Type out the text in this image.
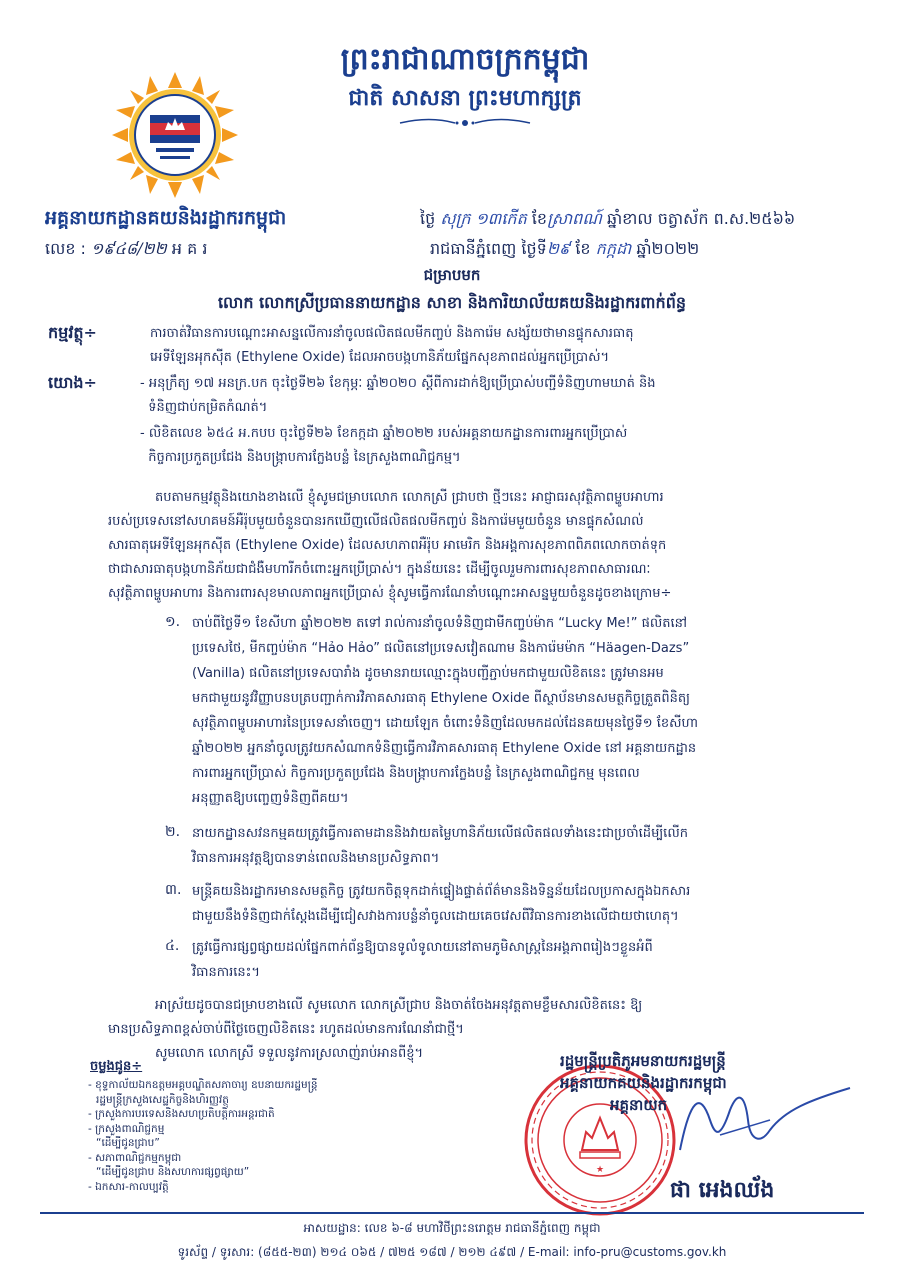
ព្រះរាជាណាចក្រកម្ពុជា
ជាតិ សាសនា ព្រះមហាក្សត្រ
អគ្គនាយកដ្ឋានគយនិងរដ្ឋាករកម្ពុជា
លេខ : ១៩៤៨/២២ អ គ រ
ថ្ងៃ សុក្រ ១៣កើត ខែស្រាពណ៍ ឆ្នាំខាល ចត្វាស័ក ព.ស.២៥៦៦
រាជធានីភ្នំពេញ ថ្ងៃទី២៩ ខែ កក្កដា ឆ្នាំ២០២២
ជម្រាបមក
លោក លោកស្រីប្រធាននាយកដ្ឋាន សាខា និងការិយាល័យគយនិងរដ្ឋាករពាក់ព័ន្ធ
កម្មវត្ថុ÷	ការចាត់វិធានការបណ្តោះអាសន្នលើការនាំចូលផលិតផលមីកញ្ចប់ និងការ៉េម សង្ស័យថាមានផ្ទុកសារធាតុ
អេទីឡែនអុកស៊ីត (Ethylene Oxide) ដែលអាចបង្កហានិភ័យផ្នែកសុខភាពដល់អ្នកប្រើប្រាស់។
យោង÷	- អនុក្រឹត្យ ១៧ អនក្រ.បក ចុះថ្ងៃទី២៦ ខែកុម្ភៈ ឆ្នាំ២០២០ ស្តីពីការដាក់ឱ្យប្រើប្រាស់បញ្ជីទំនិញហាមឃាត់ និង
ទំនិញជាប់កម្រិតកំណត់។
- លិខិតលេខ ៦៥៤ អ.កបប ចុះថ្ងៃទី២៦ ខែកក្កដា ឆ្នាំ២០២២ របស់អគ្គនាយកដ្ឋានការពារអ្នកប្រើប្រាស់
កិច្ចការប្រកួតប្រជែង និងបង្ក្រាបការក្លែងបន្លំ នៃក្រសួងពាណិជ្ជកម្ម។
តបតាមកម្មវត្ថុនិងយោងខាងលើ ខ្ញុំសូមជម្រាបលោក លោកស្រី ជ្រាបថា ថ្មីៗនេះ អាជ្ញាធរសុវត្ថិភាពម្ហូបអាហារ
របស់ប្រទេសនៅសហគមន៍អឺរ៉ុបមួយចំនួនបានរកឃើញលើផលិតផលមីកញ្ចប់ និងការ៉េមមួយចំនួន មានផ្ទុកសំណល់
សារធាតុអេទីឡែនអុកស៊ីត (Ethylene Oxide) ដែលសហភាពអឺរ៉ុប អាមេរិក និងអង្គការសុខភាពពិភពលោកចាត់ទុក
ថាជាសារធាតុបង្កហានិភ័យជាជំងឺមហារីកចំពោះអ្នកប្រើប្រាស់។ ក្នុងន័យនេះ ដើម្បីចូលរួមការពារសុខភាពសាធារណៈ
សុវត្ថិភាពម្ហូបអាហារ និងការពារសុខមាលភាពអ្នកប្រើប្រាស់ ខ្ញុំសូមធ្វើការណែនាំបណ្តោះអាសន្នមួយចំនួនដូចខាងក្រោម÷
១. ចាប់ពីថ្ងៃទី១ ខែសីហា ឆ្នាំ២០២២ តទៅ រាល់ការនាំចូលទំនិញជាមីកញ្ចប់ម៉ាក “Lucky Me!” ផលិតនៅ
ប្រទេសថៃ, មីកញ្ចប់ម៉ាក “Hảo Hảo” ផលិតនៅប្រទេសវៀតណាម និងការ៉េមម៉ាក “Häagen-Dazs”
(Vanilla) ផលិតនៅប្រទេសបារាំង ដូចមានរាយឈ្មោះក្នុងបញ្ជីភ្ជាប់មកជាមួយលិខិតនេះ ត្រូវមានអម
មកជាមួយនូវវិញ្ញាបនបត្របញ្ជាក់ការវិភាគសារធាតុ Ethylene Oxide ពីស្ថាប័នមានសមត្ថកិច្ចត្រួតពិនិត្យ
សុវត្ថិភាពម្ហូបអាហារនៃប្រទេសនាំចេញ។ ដោយឡែក ចំពោះទំនិញដែលមកដល់ដែនគយមុនថ្ងៃទី១ ខែសីហា
ឆ្នាំ២០២២ អ្នកនាំចូលត្រូវយកសំណាកទំនិញធ្វើការវិភាគសារធាតុ Ethylene Oxide នៅ អគ្គនាយកដ្ឋាន
ការពារអ្នកប្រើប្រាស់ កិច្ចការប្រកួតប្រជែង និងបង្ក្រាបការក្លែងបន្លំ នៃក្រសួងពាណិជ្ជកម្ម មុនពេល
អនុញ្ញាតឱ្យបញ្ចេញទំនិញពីគយ។
២. នាយកដ្ឋានសវនកម្មគយត្រូវធ្វើការតាមដាននិងវាយតម្លៃហានិភ័យលើផលិតផលទាំងនេះជាប្រចាំដើម្បីលើក
វិធានការអនុវត្តឱ្យបានទាន់ពេលនិងមានប្រសិទ្ធភាព។
៣. មន្ត្រីគយនិងរដ្ឋាករមានសមត្ថកិច្ច ត្រូវយកចិត្តទុកដាក់ផ្ទៀងផ្ទាត់ព័ត៌មាននិងទិន្នន័យដែលប្រកាសក្នុងឯកសារ
ជាមួយនឹងទំនិញជាក់ស្តែងដើម្បីជៀសវាងការបន្លំនាំចូលដោយគេចវេសពីវិធានការខាងលើជាយថាហេតុ។
៤. ត្រូវធ្វើការផ្សព្វផ្សាយដល់ផ្នែកពាក់ព័ន្ធឱ្យបានទូលំទូលាយនៅតាមភូមិសាស្ត្រនៃអង្គភាពរៀងៗខ្លួនអំពី
វិធានការនេះ។
អាស្រ័យដូចបានជម្រាបខាងលើ សូមលោក លោកស្រីជ្រាប និងចាត់ចែងអនុវត្តតាមខ្លឹមសារលិខិតនេះ ឱ្យ
មានប្រសិទ្ធភាពខ្ពស់ចាប់ពីថ្ងៃចេញលិខិតនេះ រហូតដល់មានការណែនាំជាថ្មី។
សូមលោក លោកស្រី ទទួលនូវការស្រលាញ់រាប់អានពីខ្ញុំ។
ចម្លងជូន÷
- ខុទ្ទកាល័យឯកឧត្តមអគ្គបណ្ឌិតសភាចារ្យ ឧបនាយករដ្ឋមន្ត្រី
រដ្ឋមន្ត្រីក្រសួងសេដ្ឋកិច្ចនិងហិរញ្ញវត្ថុ
- ក្រសួងការបរទេសនិងសហប្រតិបត្តិការអន្តរជាតិ
- ក្រសួងពាណិជ្ជកម្ម
“ដើម្បីជូនជ្រាប”
- សភាពាណិជ្ជកម្មកម្ពុជា
“ដើម្បីជូនជ្រាប និងសហការផ្សព្វផ្សាយ”
- ឯកសារ-កាលប្បវត្តិ
★
រដ្ឋមន្ត្រីប្រតិភូអមនាយករដ្ឋមន្ត្រី
អគ្គនាយកគយនិងរដ្ឋាករកម្ពុជា
អគ្គនាយក
ផា អេងឈ័ង
អាសយដ្ឋាន: លេខ ៦-៨ មហាវិថីព្រះនរោត្តម រាជធានីភ្នំពេញ កម្ពុជា
ទូរស័ព្ទ / ទូរសារ: (៨៥៥-២៣) ២១៤ ០៦៥ / ៧២៥ ១៨៧ / ២១២ ៤៩៧ / E-mail: info-pru@customs.gov.kh
